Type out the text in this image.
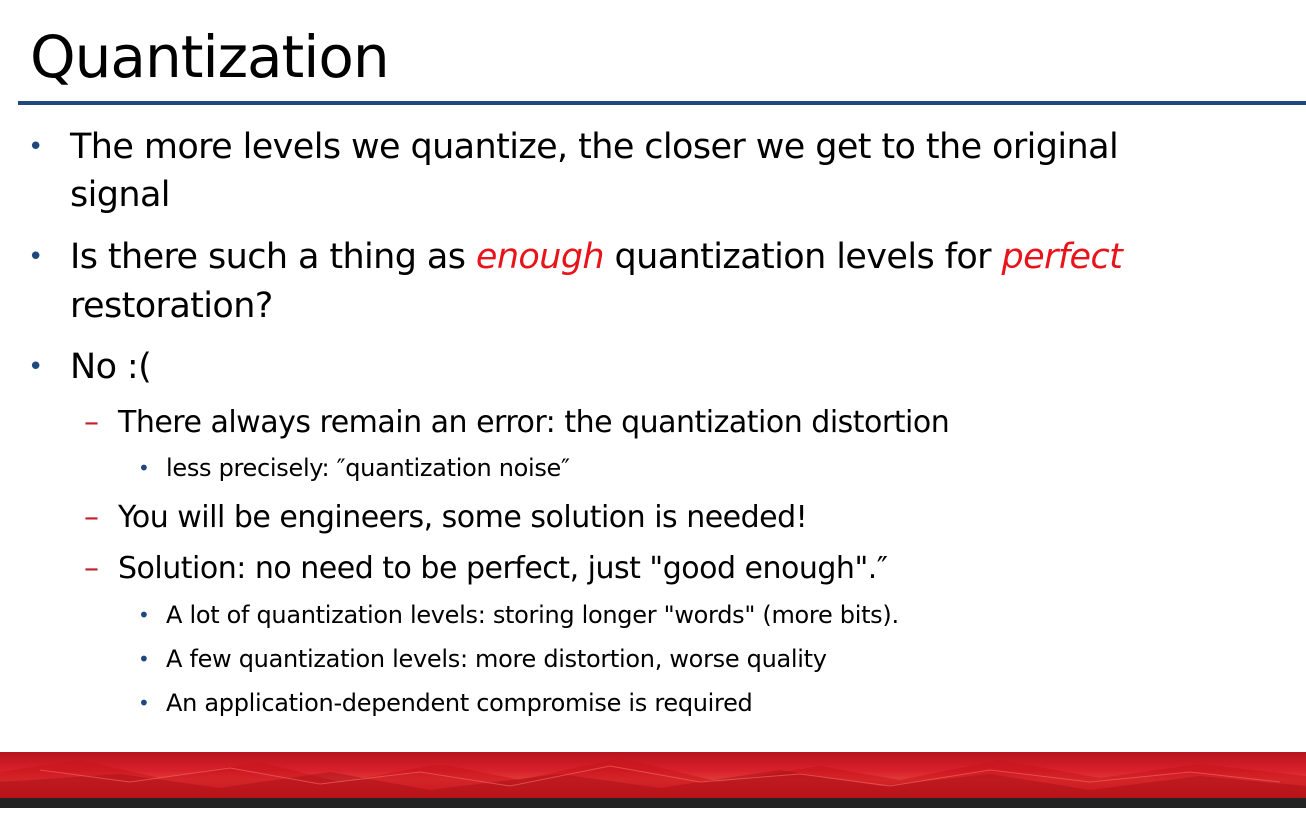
Quantization
• The more levels we quantize, the closer we get to the original
signal
• Is there such a thing as enough quantization levels for perfect
restoration?
• No :(
– There always remain an error: the quantization distortion
• less precisely: ″quantization noise″
– You will be engineers, some solution is needed!
– Solution: no need to be perfect, just "good enough".″
• A lot of quantization levels: storing longer "words" (more bits).
• A few quantization levels: more distortion, worse quality
• An application-dependent compromise is required
